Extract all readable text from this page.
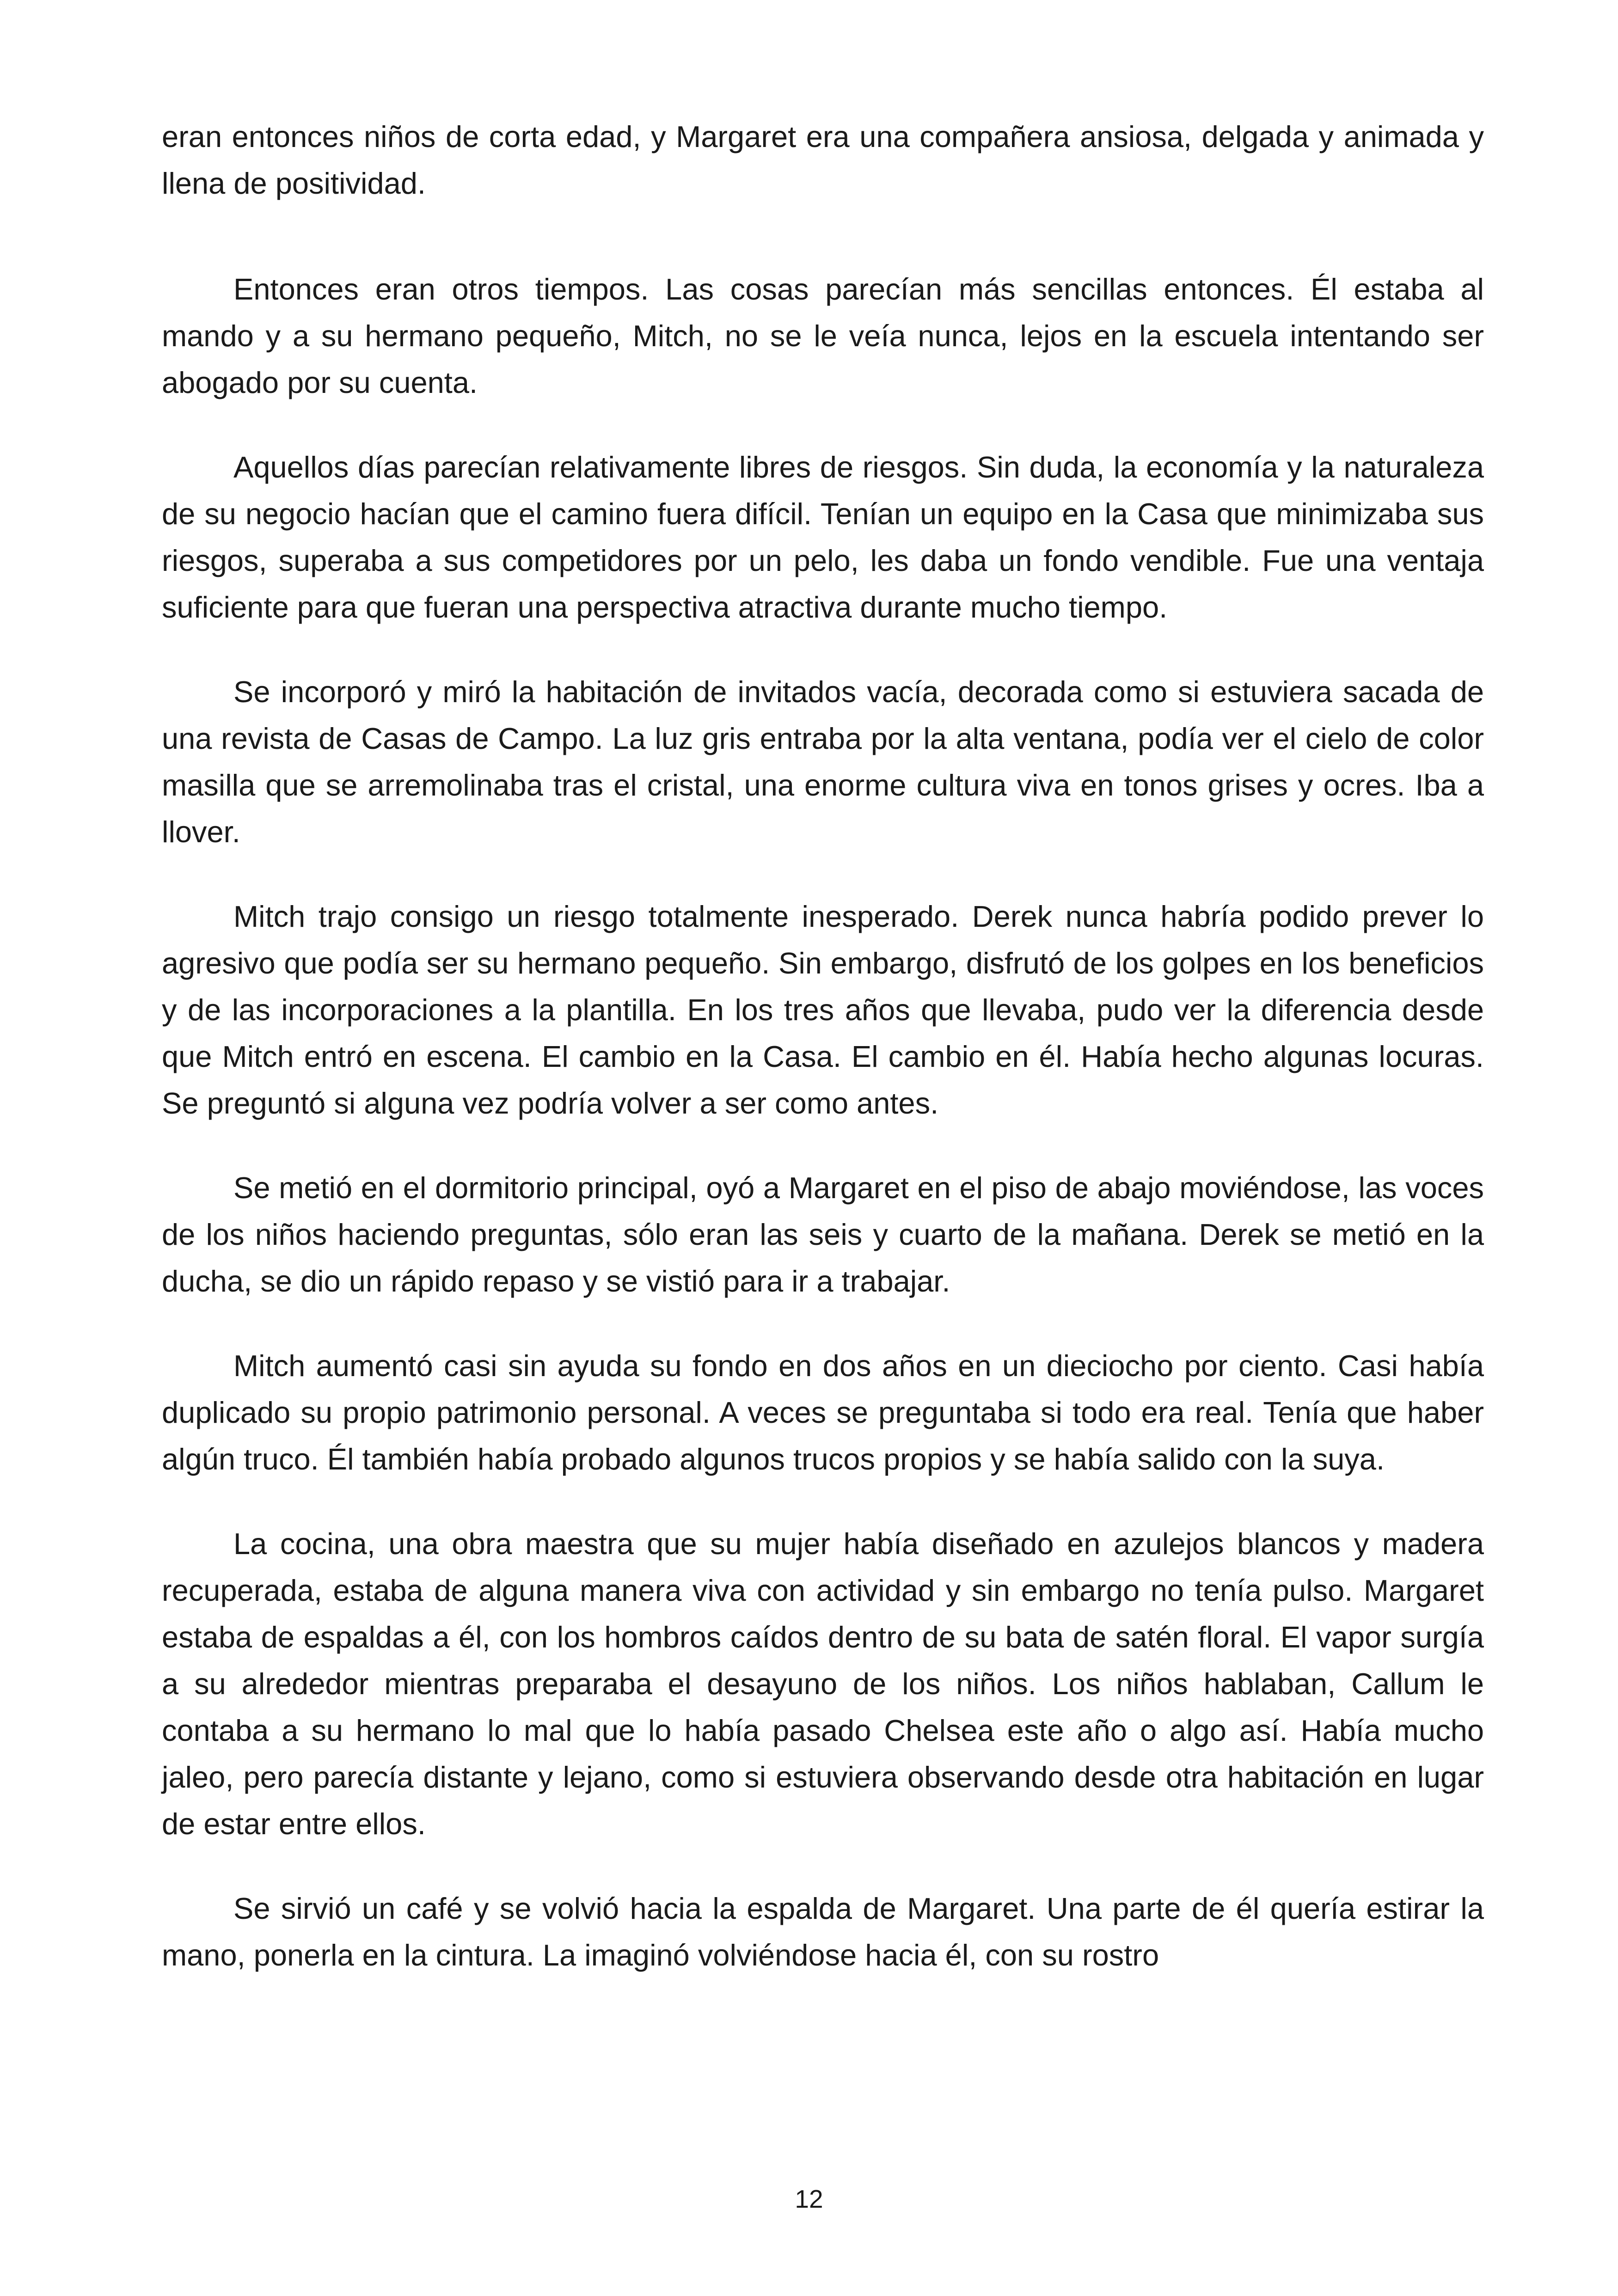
eran entonces niños de corta edad, y Margaret era una compañera ansiosa, delgada y animada y llena de positividad.

Entonces eran otros tiempos. Las cosas parecían más sencillas entonces. Él estaba al mando y a su hermano pequeño, Mitch, no se le veía nunca, lejos en la escuela intentando ser abogado por su cuenta.

Aquellos días parecían relativamente libres de riesgos. Sin duda, la economía y la naturaleza de su negocio hacían que el camino fuera difícil. Tenían un equipo en la Casa que minimizaba sus riesgos, superaba a sus competidores por un pelo, les daba un fondo vendible. Fue una ventaja suficiente para que fueran una perspectiva atractiva durante mucho tiempo.

Se incorporó y miró la habitación de invitados vacía, decorada como si estuviera sacada de una revista de Casas de Campo. La luz gris entraba por la alta ventana, podía ver el cielo de color masilla que se arremolinaba tras el cristal, una enorme cultura viva en tonos grises y ocres. Iba a llover.

Mitch trajo consigo un riesgo totalmente inesperado. Derek nunca habría podido prever lo agresivo que podía ser su hermano pequeño. Sin embargo, disfrutó de los golpes en los beneficios y de las incorporaciones a la plantilla. En los tres años que llevaba, pudo ver la diferencia desde que Mitch entró en escena. El cambio en la Casa. El cambio en él. Había hecho algunas locuras. Se preguntó si alguna vez podría volver a ser como antes.

Se metió en el dormitorio principal, oyó a Margaret en el piso de abajo moviéndose, las voces de los niños haciendo preguntas, sólo eran las seis y cuarto de la mañana. Derek se metió en la ducha, se dio un rápido repaso y se vistió para ir a trabajar.

Mitch aumentó casi sin ayuda su fondo en dos años en un dieciocho por ciento. Casi había duplicado su propio patrimonio personal. A veces se preguntaba si todo era real. Tenía que haber algún truco. Él también había probado algunos trucos propios y se había salido con la suya.

La cocina, una obra maestra que su mujer había diseñado en azulejos blancos y madera recuperada, estaba de alguna manera viva con actividad y sin embargo no tenía pulso. Margaret estaba de espaldas a él, con los hombros caídos dentro de su bata de satén floral. El vapor surgía a su alrededor mientras preparaba el desayuno de los niños. Los niños hablaban, Callum le contaba a su hermano lo mal que lo había pasado Chelsea este año o algo así. Había mucho jaleo, pero parecía distante y lejano, como si estuviera observando desde otra habitación en lugar de estar entre ellos.

Se sirvió un café y se volvió hacia la espalda de Margaret. Una parte de él quería estirar la mano, ponerla en la cintura. La imaginó volviéndose hacia él, con su rostro

12
